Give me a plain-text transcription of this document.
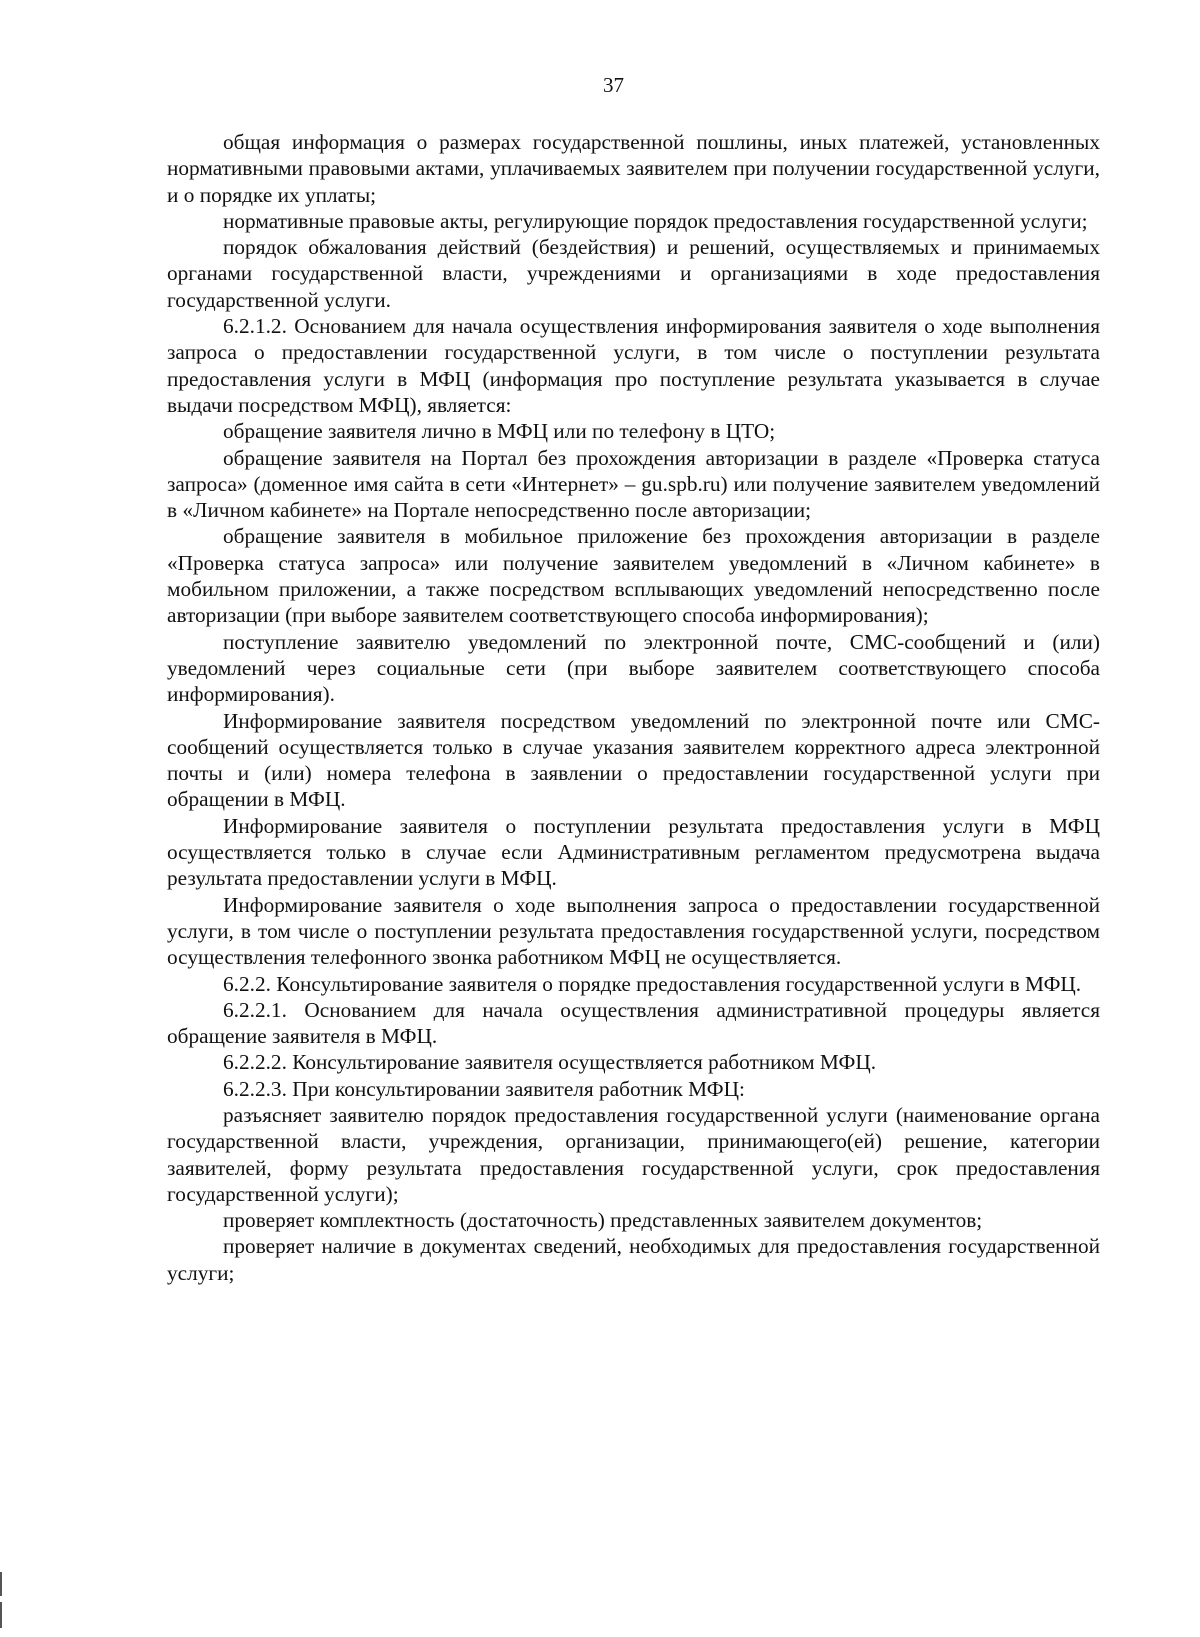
37

общая информация о размерах государственной пошлины, иных платежей, установленных нормативными правовыми актами, уплачиваемых заявителем при получении государственной услуги, и о порядке их уплаты;

нормативные правовые акты, регулирующие порядок предоставления государственной услуги;

порядок обжалования действий (бездействия) и решений, осуществляемых и принимаемых органами государственной власти, учреждениями и организациями в ходе предоставления государственной услуги.

6.2.1.2. Основанием для начала осуществления информирования заявителя о ходе выполнения запроса о предоставлении государственной услуги, в том числе о поступлении результата предоставления услуги в МФЦ (информация про поступление результата указывается в случае выдачи посредством МФЦ), является:

обращение заявителя лично в МФЦ или по телефону в ЦТО;

обращение заявителя на Портал без прохождения авторизации в разделе «Проверка статуса запроса» (доменное имя сайта в сети «Интернет» – gu.spb.ru) или получение заявителем уведомлений в «Личном кабинете» на Портале непосредственно после авторизации;

обращение заявителя в мобильное приложение без прохождения авторизации в разделе «Проверка статуса запроса» или получение заявителем уведомлений в «Личном кабинете» в мобильном приложении, а также посредством всплывающих уведомлений непосредственно после авторизации (при выборе заявителем соответствующего способа информирования);

поступление заявителю уведомлений по электронной почте, СМС-сообщений и (или) уведомлений через социальные сети (при выборе заявителем соответствующего способа информирования).

Информирование заявителя посредством уведомлений по электронной почте или СМС-сообщений осуществляется только в случае указания заявителем корректного адреса электронной почты и (или) номера телефона в заявлении о предоставлении государственной услуги при обращении в МФЦ.

Информирование заявителя о поступлении результата предоставления услуги в МФЦ осуществляется только в случае если Административным регламентом предусмотрена выдача результата предоставлении услуги в МФЦ.

Информирование заявителя о ходе выполнения запроса о предоставлении государственной услуги, в том числе о поступлении результата предоставления государственной услуги, посредством осуществления телефонного звонка работником МФЦ не осуществляется.

6.2.2. Консультирование заявителя о порядке предоставления государственной услуги в МФЦ.

6.2.2.1. Основанием для начала осуществления административной процедуры является обращение заявителя в МФЦ.

6.2.2.2. Консультирование заявителя осуществляется работником МФЦ.

6.2.2.3. При консультировании заявителя работник МФЦ:

разъясняет заявителю порядок предоставления государственной услуги (наименование органа государственной власти, учреждения, организации, принимающего(ей) решение, категории заявителей, форму результата предоставления государственной услуги, срок предоставления государственной услуги);

проверяет комплектность (достаточность) представленных заявителем документов;

проверяет наличие в документах сведений, необходимых для предоставления государственной услуги;
